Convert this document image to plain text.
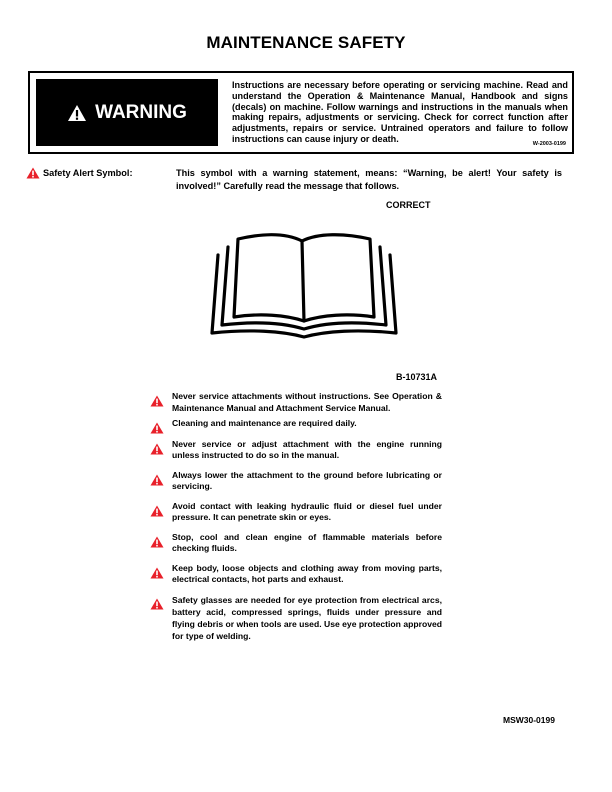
MAINTENANCE SAFETY
WARNING
Instructions are necessary before operating or servicing machine. Read and understand the Operation & Maintenance Manual, Handbook and signs (decals) on machine. Follow warnings and instructions in the manuals when making repairs, adjustments or servicing. Check for correct function after adjustments, repairs or service. Untrained operators and failure to follow instructions can cause injury or death.
W-2003-0199
Safety Alert Symbol:	This symbol with a warning statement, means: “Warning, be alert! Your safety is involved!” Carefully read the message that follows.
CORRECT
B-10731A
Never service attachments without instructions. See Operation & Maintenance Manual and Attachment Service Manual.
Cleaning and maintenance are required daily.
Never service or adjust attachment with the engine running unless instructed to do so in the manual.
Always lower the attachment to the ground before lubricating or servicing.
Avoid contact with leaking hydraulic fluid or diesel fuel under pressure. It can penetrate skin or eyes.
Stop, cool and clean engine of flammable materials before checking fluids.
Keep body, loose objects and clothing away from moving parts, electrical contacts, hot parts and exhaust.
Safety glasses are needed for eye protection from electrical arcs, battery acid, compressed springs, fluids under pressure and flying debris or when tools are used. Use eye protection approved for type of welding.
MSW30-0199
